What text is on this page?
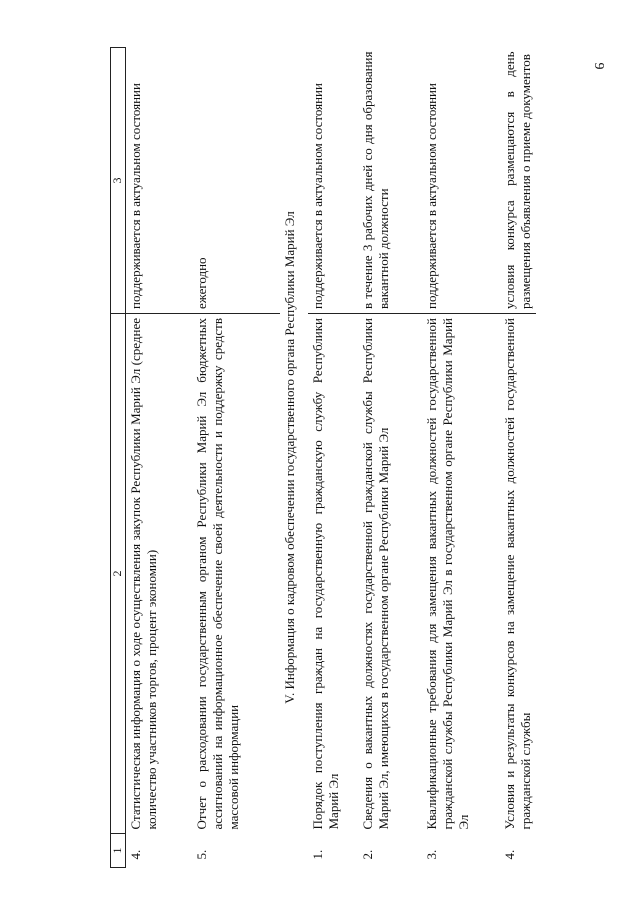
9
1	2	3
4.	Статистическая информация о ходе осуществления закупок Республики Марий Эл (среднее количество участников торгов, процент экономии)	поддерживается в актуальном состоянии
5.	Отчет о расходовании государственным органом Республики Марий Эл бюджетных ассигнований на информационное обеспечение своей деятельности и поддержку средств массовой информации	ежегодно
V. Информация о кадровом обеспечении государственного органа Республики Марий Эл		
1.	Порядок поступления граждан на государственную гражданскую службу Республики Марий Эл	поддерживается в актуальном состоянии
2.	Сведения о вакантных должностях государственной гражданской службы Республики Марий Эл, имеющихся в государственном органе Республики Марий Эл	в течение 3 рабочих дней со дня образования вакантной должности
3.	Квалификационные требования для замещения вакантных должностей государственной гражданской службы Республики Марий Эл в государственном органе Республики Марий Эл	поддерживается в актуальном состоянии
4.	Условия и результаты конкурсов на замещение вакантных должностей государственной гражданской службы	условия конкурса размещаются в день размещения объявления о приеме документов
